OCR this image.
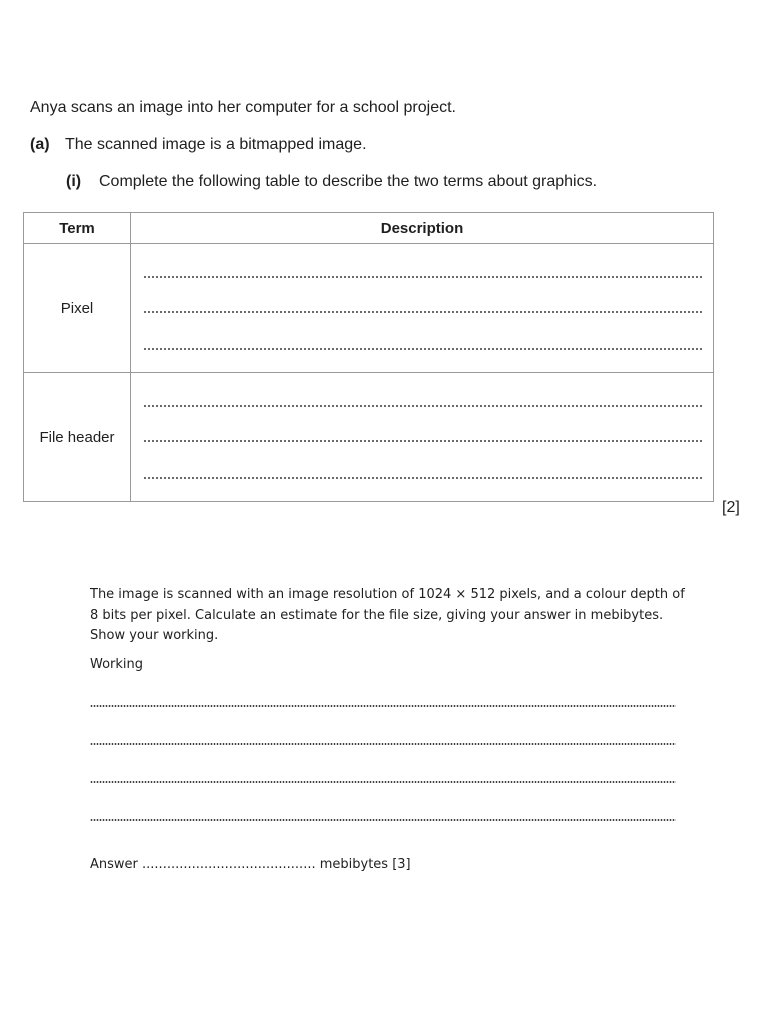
Anya scans an image into her computer for a school project.
(a) The scanned image is a bitmapped image.
(i) Complete the following table to describe the two terms about graphics.
Term	Description
Pixel	

File header	
[2]
The image is scanned with an image resolution of 1024 × 512 pixels, and a colour depth of 8 bits per pixel. Calculate an estimate for the file size, giving your answer in mebibytes. Show your working.
Working
Answer .......................................... mebibytes [3]
